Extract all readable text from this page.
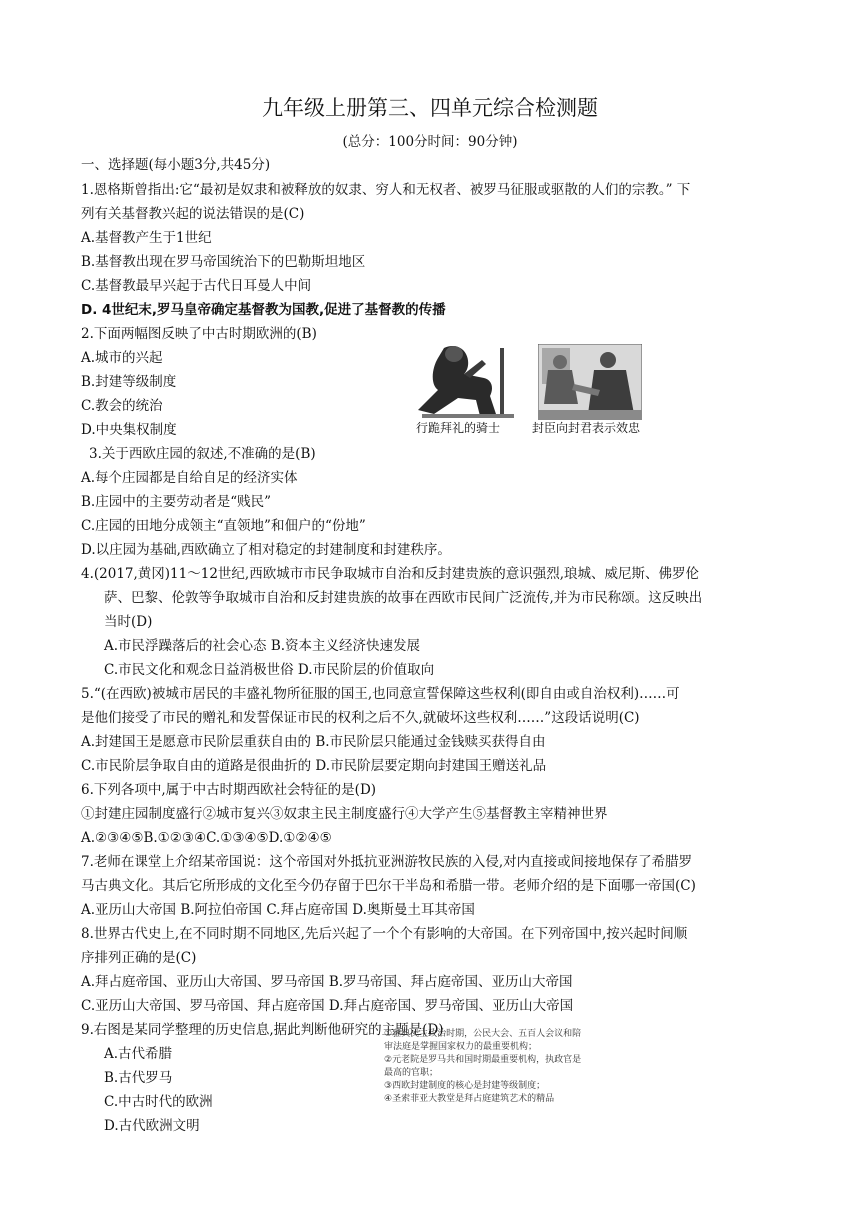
九年级上册第三、四单元综合检测题
(总分：100分时间：90分钟)
一、选择题(每小题3分,共45分)
1.恩格斯曾指出:它“最初是奴隶和被释放的奴隶、穷人和无权者、被罗马征服或驱散的人们的宗教。” 下
列有关基督教兴起的说法错误的是(C)
A.基督教产生于1世纪
B.基督教出现在罗马帝国统治下的巴勒斯坦地区
C.基督教最早兴起于古代日耳曼人中间
D. 4世纪末,罗马皇帝确定基督教为国教,促进了基督教的传播
2.下面两幅图反映了中古时期欧洲的(B)
A.城市的兴起
B.封建等级制度
C.教会的统治
D.中央集权制度	行跪拜礼的骑士	封臣向封君表示效忠
3.关于西欧庄园的叙述,不准确的是(B)
A.每个庄园都是自给自足的经济实体
B.庄园中的主要劳动者是“贱民”
C.庄园的田地分成领主“直领地”和佃户的“份地”
D.以庄园为基础,西欧确立了相对稳定的封建制度和封建秩序。
4.(2017,黄冈)11～12世纪,西欧城市市民争取城市自治和反封建贵族的意识强烈,琅城、威尼斯、佛罗伦
萨、巴黎、伦敦等争取城市自治和反封建贵族的故事在西欧市民间广泛流传,并为市民称颂。这反映出
当时(D)
A.市民浮躁落后的社会心态 B.资本主义经济快速发展
C.市民文化和观念日益消极世俗 D.市民阶层的价值取向
5.“(在西欧)被城市居民的丰盛礼物所征服的国王,也同意宣誓保障这些权利(即自由或自治权利)……可
是他们接受了市民的赠礼和发誓保证市民的权利之后不久,就破坏这些权利……”这段话说明(C)
A.封建国王是愿意市民阶层重获自由的 B.市民阶层只能通过金钱赎买获得自由
C.市民阶层争取自由的道路是很曲折的 D.市民阶层要定期向封建国王赠送礼品
6.下列各项中,属于中古时期西欧社会特征的是(D)
①封建庄园制度盛行②城市复兴③奴隶主民主制度盛行④大学产生⑤基督教主宰精神世界
A.②③④⑤B.①②③④C.①③④⑤D.①②④⑤
7.老师在课堂上介绍某帝国说：这个帝国对外抵抗亚洲游牧民族的入侵,对内直接或间接地保存了希腊罗
马古典文化。其后它所形成的文化至今仍存留于巴尔干半岛和希腊一带。老师介绍的是下面哪一帝国(C)
A.亚历山大帝国 B.阿拉伯帝国 C.拜占庭帝国 D.奥斯曼土耳其帝国
8.世界古代史上,在不同时期不同地区,先后兴起了一个个有影响的大帝国。在下列帝国中,按兴起时间顺
序排列正确的是(C)
A.拜占庭帝国、亚历山大帝国、罗马帝国 B.罗马帝国、拜占庭帝国、亚历山大帝国
C.亚历山大帝国、罗马帝国、拜占庭帝国 D.拜占庭帝国、罗马帝国、亚历山大帝国
9.右图是某同学整理的历史信息,据此判断他研究的主题是(D)
A.古代希腊
B.古代罗马
C.中古时代的欧洲
D.古代欧洲文明
①雅典民主政治时期，公民大会、五百人会议和陪
审法庭是掌握国家权力的最重要机构；
②元老院是罗马共和国时期最重要机构，执政官是
最高的官职；
③西欧封建制度的核心是封建等级制度；
④圣索菲亚大教堂是拜占庭建筑艺术的精品
